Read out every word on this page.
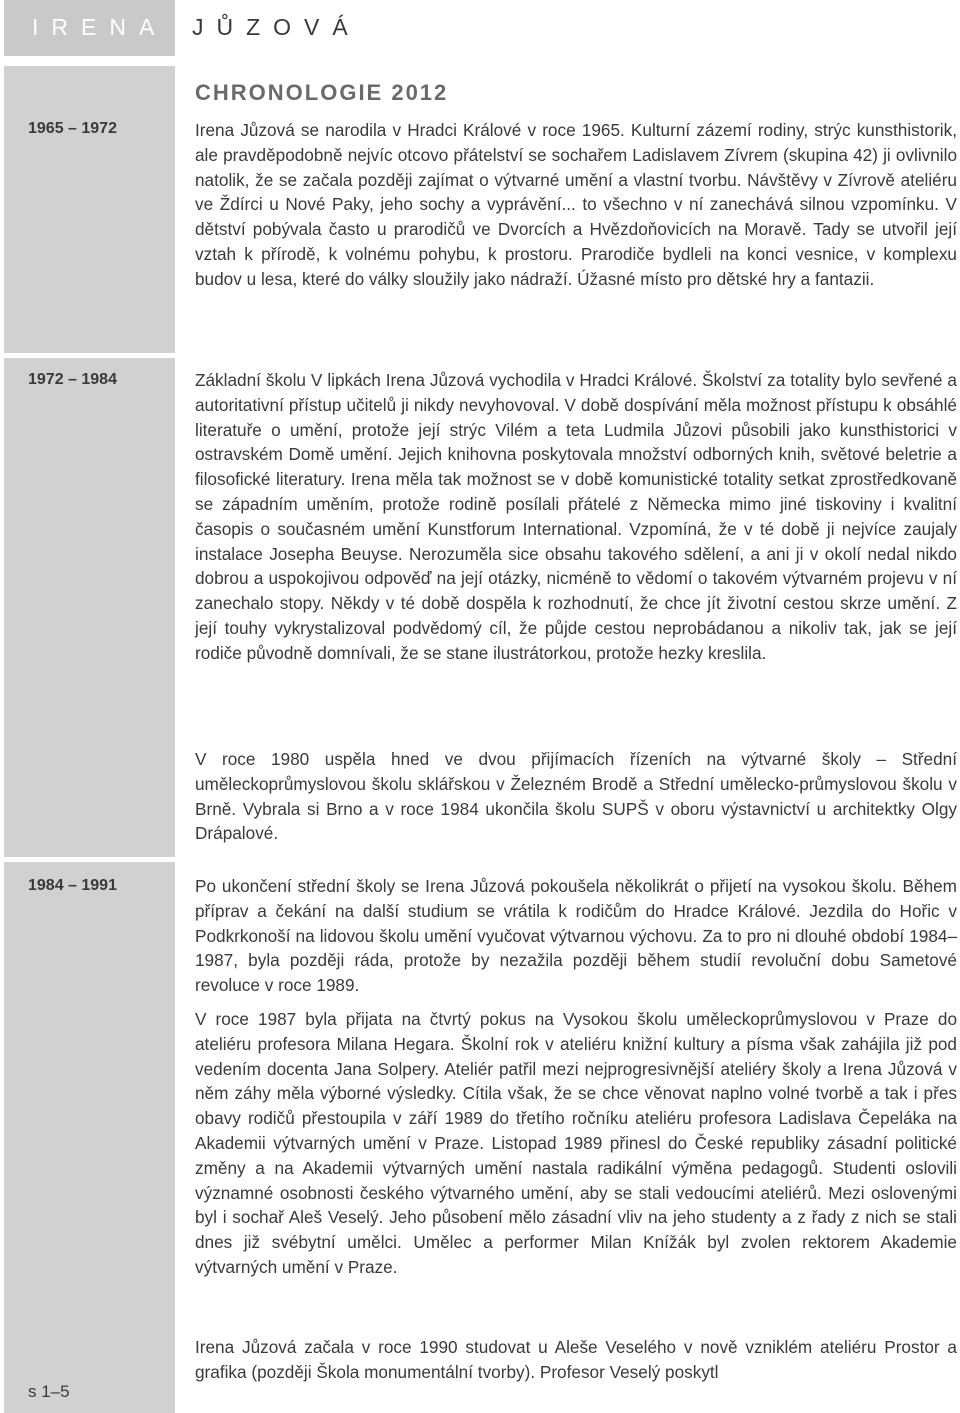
IRENA JŮZOVÁ
CHRONOLOGIE 2012
1965 – 1972	Irena Jůzová se narodila v Hradci Králové v roce 1965. Kulturní zázemí rodiny, strýc kunsthistorik, ale pravděpodobně nejvíc otcovo přátelství se sochařem Ladislavem Zívrem (skupina 42) ji ovlivnilo natolik, že se začala později zajímat o výtvarné umění a vlastní tvorbu. Návštěvy v Zívrově ateliéru ve Ždírci u Nové Paky, jeho sochy a vyprávění... to všechno v ní zanechává silnou vzpomínku. V dětství pobývala často u prarodičů ve Dvorcích a Hvězdoňovicích na Moravě. Tady se utvořil její vztah k přírodě, k volnému pohybu, k prostoru. Prarodiče bydleli na konci vesnice, v komplexu budov u lesa, které do války sloužily jako nádraží. Úžasné místo pro dětské hry a fantazii.

1972 – 1984	Základní školu V lipkách Irena Jůzová vychodila v Hradci Králové. Školství za totality bylo sevřené a autoritativní přístup učitelů ji nikdy nevyhovoval. V době dospívání měla možnost přístupu k obsáhlé literatuře o umění, protože její strýc Vilém a teta Ludmila Jůzovi působili jako kunsthistorici v ostravském Domě umění. Jejich knihovna poskytovala množství odborných knih, světové beletrie a filosofické literatury. Irena měla tak možnost se v době komunistické totality setkat zprostředkovaně se západním uměním, protože rodině posílali přátelé z Německa mimo jiné tiskoviny i kvalitní časopis o současném umění Kunstforum International. Vzpomíná, že v té době ji nejvíce zaujaly instalace Josepha Beuyse. Nerozuměla sice obsahu takového sdělení, a ani ji v okolí nedal nikdo dobrou a uspokojivou odpověď na její otázky, nicméně to vědomí o takovém výtvarném projevu v ní zanechalo stopy. Někdy v té době dospěla k rozhodnutí, že chce jít životní cestou skrze umění. Z její touhy vykrystalizoval podvědomý cíl, že půjde cestou neprobádanou a nikoliv tak, jak se její rodiče původně domnívali, že se stane ilustrátorkou, protože hezky kreslila.

V roce 1980 uspěla hned ve dvou přijímacích řízeních na výtvarné školy – Střední uměleckoprůmyslovou školu sklářskou v Železném Brodě a Střední umělecko-průmyslovou školu v Brně. Vybrala si Brno a v roce 1984 ukončila školu SUPŠ v oboru výstavnictví u architektky Olgy Drápalové.

1984 – 1991	Po ukončení střední školy se Irena Jůzová pokoušela několikrát o přijetí na vysokou školu. Během příprav a čekání na další studium se vrátila k rodičům do Hradce Králové. Jezdila do Hořic v Podkrkonoší na lidovou školu umění vyučovat výtvarnou výchovu. Za to pro ni dlouhé období 1984–1987, byla později ráda, protože by nezažila později během studií revoluční dobu Sametové revoluce v roce 1989.

V roce 1987 byla přijata na čtvrtý pokus na Vysokou školu uměleckoprůmyslovou v Praze do ateliéru profesora Milana Hegara. Školní rok v ateliéru knižní kultury a písma však zahájila již pod vedením docenta Jana Solpery. Ateliér patřil mezi nejprogresivnější ateliéry školy a Irena Jůzová v něm záhy měla výborné výsledky. Cítila však, že se chce věnovat naplno volné tvorbě a tak i přes obavy rodičů přestoupila v září 1989 do třetího ročníku ateliéru profesora Ladislava Čepeláka na Akademii výtvarných umění v Praze. Listopad 1989 přinesl do České republiky zásadní politické změny a na Akademii výtvarných umění nastala radikální výměna pedagogů. Studenti oslovili významné osobnosti českého výtvarného umění, aby se stali vedoucími ateliérů. Mezi oslovenými byl i sochař Aleš Veselý. Jeho působení mělo zásadní vliv na jeho studenty a z řady z nich se stali dnes již svébytní umělci. Umělec a performer Milan Knížák byl zvolen rektorem Akademie výtvarných umění v Praze.

Irena Jůzová začala v roce 1990 studovat u Aleše Veselého v nově vzniklém ateliéru Prostor a grafika (později Škola monumentální tvorby). Profesor Veselý poskytl

s 1–5
